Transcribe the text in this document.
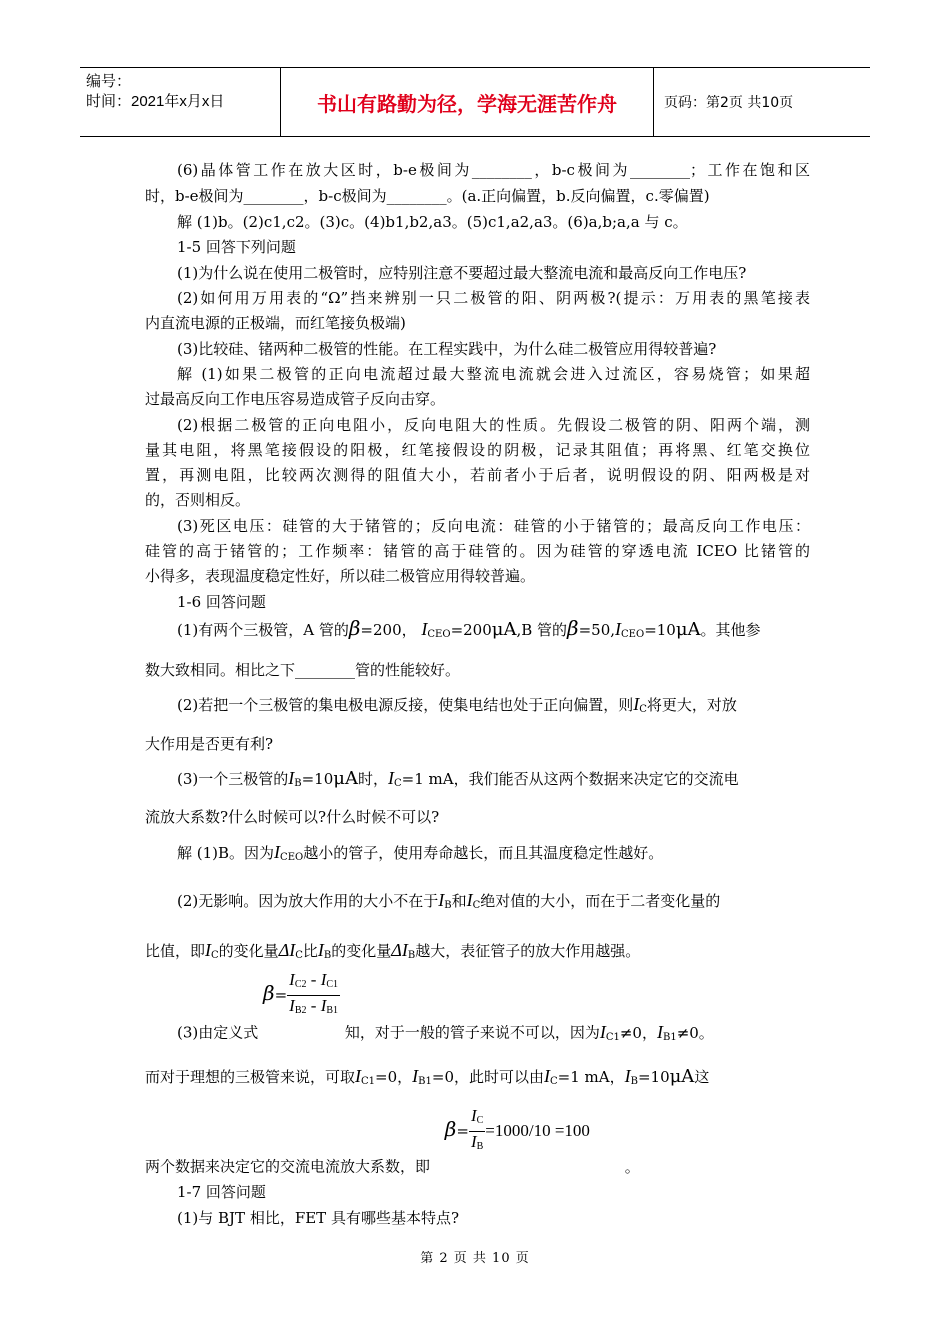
编号：
时间：2021年x月x日	书山有路勤为径，学海无涯苦作舟	页码：第2页 共10页
(6)晶体管工作在放大区时，b-e极间为________，b-c极间为________；工作在饱和区
时，b-e极间为________，b-c极间为________。(a.正向偏置，b.反向偏置，c.零偏置)
解 (1)b。(2)c1,c2。(3)c。(4)b1,b2,a3。(5)c1,a2,a3。(6)a,b;a,a 与 c。
1-5 回答下列问题
(1)为什么说在使用二极管时，应特别注意不要超过最大整流电流和最高反向工作电压?
(2)如何用万用表的“Ω”挡来辨别一只二极管的阳、阴两极?(提示：万用表的黑笔接表
内直流电源的正极端，而红笔接负极端)
(3)比较硅、锗两种二极管的性能。在工程实践中，为什么硅二极管应用得较普遍?
解 (1)如果二极管的正向电流超过最大整流电流就会进入过流区，容易烧管；如果超
过最高反向工作电压容易造成管子反向击穿。
(2)根据二极管的正向电阻小，反向电阻大的性质。先假设二极管的阴、阳两个端，测
量其电阻，将黑笔接假设的阳极，红笔接假设的阴极，记录其阻值；再将黑、红笔交换位
置，再测电阻，比较两次测得的阻值大小，若前者小于后者，说明假设的阴、阳两极是对
的，否则相反。
(3)死区电压：硅管的大于锗管的；反向电流：硅管的小于锗管的；最高反向工作电压：
硅管的高于锗管的；工作频率：锗管的高于硅管的。因为硅管的穿透电流 ICEO 比锗管的
小得多，表现温度稳定性好，所以硅二极管应用得较普遍。
1-6 回答问题
(1)有两个三极管，A 管的β=200， $I_{CEO}=200\mu A,B$ 管的$\beta=50,I_{CEO}=10\mu A$。其他参
数大致相同。相比之下________管的性能较好。
(2)若把一个三极管的集电极电源反接，使集电结也处于正向偏置，则$I_C$将更大，对放
大作用是否更有利?
(3)一个三极管的$I_B=10\mu A$时，$I_C=1$ mA，我们能否从这两个数据来决定它的交流电
流放大系数?什么时候可以?什么时候不可以?
解 (1)B。因为$I_{CEO}$越小的管子，使用寿命越长，而且其温度稳定性越好。
(2)无影响。因为放大作用的大小不在于$I_B$和$I_C$绝对值的大小，而在于二者变化量的
比值，即$I_C$的变化量$\Delta I_C$比$I_B$的变化量$\Delta I_B$越大，表征管子的放大作用越强。
(3)由定义式 $\beta= \frac{I_{C2} - I_{C1}}{I_{B2} - I_{B1}}$
知，对于一般的管子来说不可以，因为$I_{C1}\ne 0$，$I_{B1}\ne 0$。
而对于理想的三极管来说，可取$I_{C1}=0$，$I_{B1}=0$，此时可以由$I_C=1$ mA，$I_B=10\mu A$这
两个数据来决定它的交流电流放大系数，即 $\beta= \frac{I_C}{I_B} =1000/10 =100$ 。
1-7 回答问题
(1)与 BJT 相比，FET 具有哪些基本特点?
第 2 页 共 10 页
